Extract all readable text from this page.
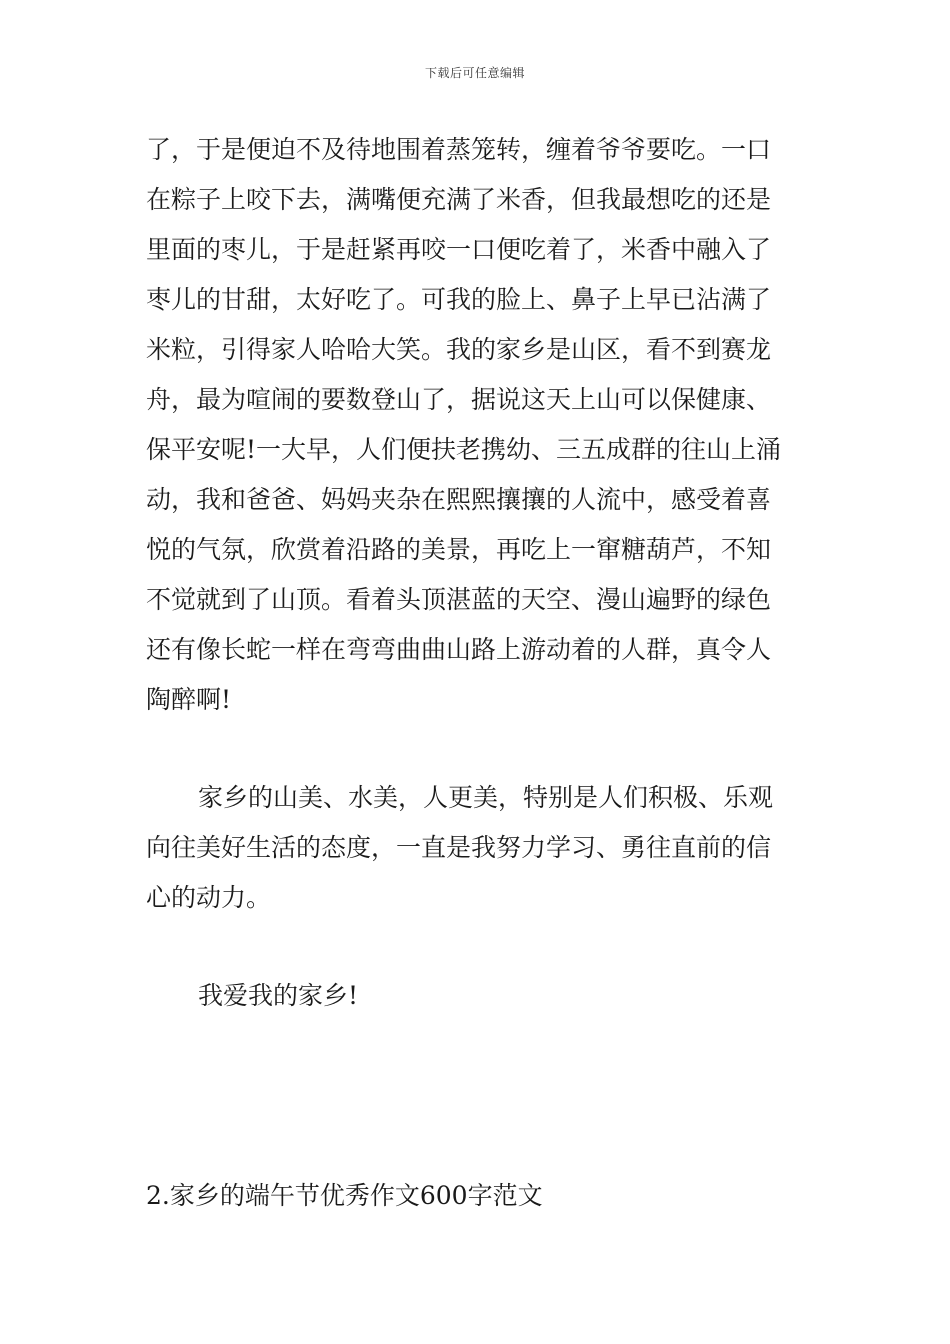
下载后可任意编辑
了，于是便迫不及待地围着蒸笼转，缠着爷爷要吃。一口
在粽子上咬下去，满嘴便充满了米香，但我最想吃的还是
里面的枣儿，于是赶紧再咬一口便吃着了，米香中融入了
枣儿的甘甜，太好吃了。可我的脸上、鼻子上早已沾满了
米粒，引得家人哈哈大笑。我的家乡是山区，看不到赛龙
舟，最为喧闹的要数登山了，据说这天上山可以保健康、
保平安呢!一大早，人们便扶老携幼、三五成群的往山上涌
动，我和爸爸、妈妈夹杂在熙熙攘攘的人流中，感受着喜
悦的气氛，欣赏着沿路的美景，再吃上一窜糖葫芦，不知
不觉就到了山顶。看着头顶湛蓝的天空、漫山遍野的绿色
还有像长蛇一样在弯弯曲曲山路上游动着的人群，真令人
陶醉啊!
家乡的山美、水美，人更美，特别是人们积极、乐观
向往美好生活的态度，一直是我努力学习、勇往直前的信
心的动力。
我爱我的家乡!
2.家乡的端午节优秀作文600字范文
